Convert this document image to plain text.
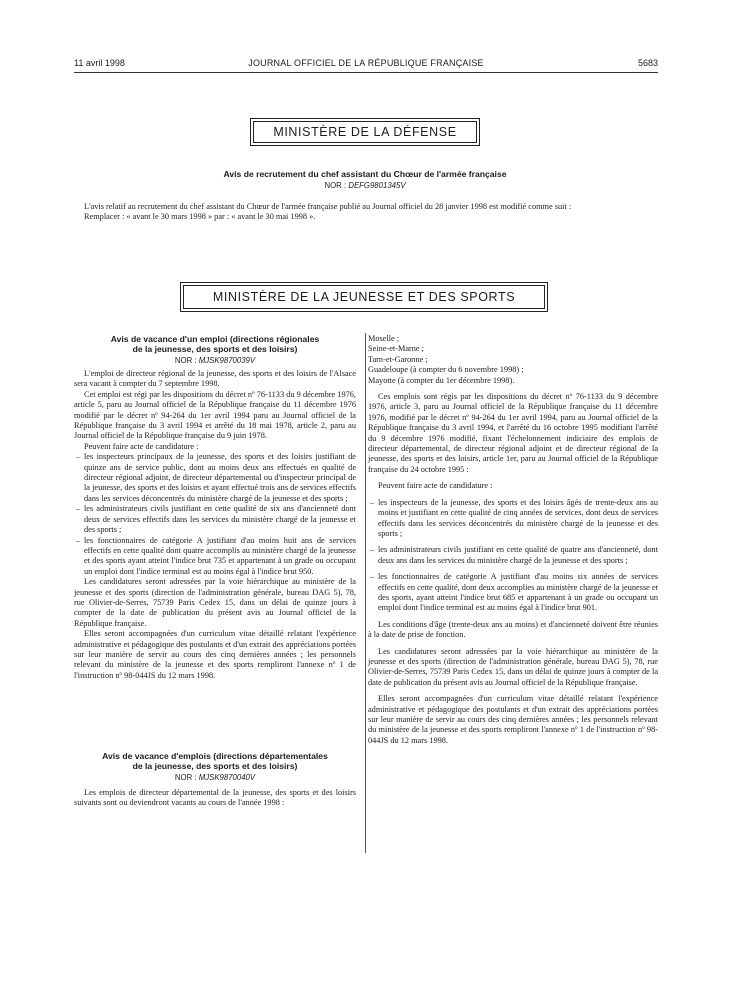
11 avril 1998	JOURNAL OFFICIEL DE LA RÉPUBLIQUE FRANÇAISE	5683
MINISTÈRE DE LA DÉFENSE
Avis de recrutement du chef assistant du Chœur de l'armée française
NOR : DEFG9801345V

L'avis relatif au recrutement du chef assistant du Chœur de l'armée française publié au Journal officiel du 28 janvier 1998 est modifié comme suit :

Remplacer : « avant le 30 mars 1998 » par : « avant le 30 mai 1998 ».

MINISTÈRE DE LA JEUNESSE ET DES SPORTS
Avis de vacance d'un emploi (directions régionales
de la jeunesse, des sports et des loisirs)
NOR : MJSK9870039V

L'emploi de directeur régional de la jeunesse, des sports et des loisirs de l'Alsace sera vacant à compter du 7 septembre 1998.

Cet emploi est régi par les dispositions du décret nº 76-1133 du 9 décembre 1976, article 5, paru au Journal officiel de la République française du 11 décembre 1976 modifié par le décret nº 94-264 du 1er avril 1994 paru au Journal officiel de la République française du 3 avril 1994 et arrêté du 18 mai 1978, article 2, paru au Journal officiel de la République française du 9 juin 1978.

Peuvent faire acte de candidature :

– les inspecteurs principaux de la jeunesse, des sports et des loisirs justifiant de quinze ans de service public, dont au moins deux ans effectués en qualité de directeur régional adjoint, de directeur départemental ou d'inspecteur principal de la jeunesse, des sports et des loisirs et ayant effectué trois ans de services effectifs dans les services déconcentrés du ministère chargé de la jeunesse et des sports ;

– les administrateurs civils justifiant en cette qualité de six ans d'ancienneté dont deux de services effectifs dans les services du ministère chargé de la jeunesse et des sports ;

– les fonctionnaires de catégorie A justifiant d'au moins huit ans de services effectifs en cette qualité dont quatre accomplis au ministère chargé de la jeunesse et des sports ayant atteint l'indice brut 735 et appartenant à un grade ou occupant un emploi dont l'indice terminal est au moins égal à l'indice brut 950.

Les candidatures seront adressées par la voie hiérarchique au ministère de la jeunesse et des sports (direction de l'administration générale, bureau DAG 5), 78, rue Olivier-de-Serres, 75739 Paris Cedex 15, dans un délai de quinze jours à compter de la date de publication du présent avis au Journal officiel de la République française.

Elles seront accompagnées d'un curriculum vitae détaillé relatant l'expérience administrative et pédagogique des postulants et d'un extrait des appréciations portées sur leur manière de servir au cours des cinq dernières années ; les personnels relevant du ministère de la jeunesse et des sports rempliront l'annexe nº 1 de l'instruction nº 98-044JS du 12 mars 1998.

Avis de vacance d'emplois (directions départementales
de la jeunesse, des sports et des loisirs)
NOR : MJSK9870040V

Les emplois de directeur départemental de la jeunesse, des sports et des loisirs suivants sont ou deviendront vacants au cours de l'année 1998 :

Moselle ;

Seine-et-Marne ;

Tarn-et-Garonne ;

Guadeloupe (à compter du 6 novembre 1998) ;

Mayotte (à compter du 1er décembre 1998).

Ces emplois sont régis par les dispositions du décret nº 76-1133 du 9 décembre 1976, article 3, paru au Journal officiel de la République française du 11 décembre 1976, modifié par le décret nº 94-264 du 1er avril 1994, paru au Journal officiel de la République française du 3 avril 1994, et l'arrêté du 16 octobre 1995 modifiant l'arrêté du 9 décembre 1976 modifié, fixant l'échelonnement indiciaire des emplois de directeur départemental, de directeur régional adjoint et de directeur régional de la jeunesse, des sports et des loisirs, article 1er, paru au Journal officiel de la République française du 24 octobre 1995 :

Peuvent faire acte de candidature :

– les inspecteurs de la jeunesse, des sports et des loisirs âgés de trente-deux ans au moins et justifiant en cette qualité de cinq années de services, dont deux de services effectifs dans les services déconcentrés du ministère chargé de la jeunesse et des sports ;

– les administrateurs civils justifiant en cette qualité de quatre ans d'ancienneté, dont deux ans dans les services du ministère chargé de la jeunesse et des sports ;

– les fonctionnaires de catégorie A justifiant d'au moins six années de services effectifs en cette qualité, dont deux accomplies au ministère chargé de la jeunesse et des sports, ayant atteint l'indice brut 685 et appartenant à un grade ou occupant un emploi dont l'indice terminal est au moins égal à l'indice brut 901.

Les conditions d'âge (trente-deux ans au moins) et d'ancienneté doivent être réunies à la date de prise de fonction.

Les candidatures seront adressées par la voie hiérarchique au ministère de la jeunesse et des sports (direction de l'administration générale, bureau DAG 5), 78, rue Olivier-de-Serres, 75739 Paris Cedex 15, dans un délai de quinze jours à compter de la date de publication du présent avis au Journal officiel de la République française.

Elles seront accompagnées d'un curriculum vitae détaillé relatant l'expérience administrative et pédagogique des postulants et d'un extrait des appréciations portées sur leur manière de servir au cours des cinq dernières années ; les personnels relevant du ministère de la jeunesse et des sports rempliront l'annexe nº 1 de l'instruction nº 98-044JS du 12 mars 1998.
